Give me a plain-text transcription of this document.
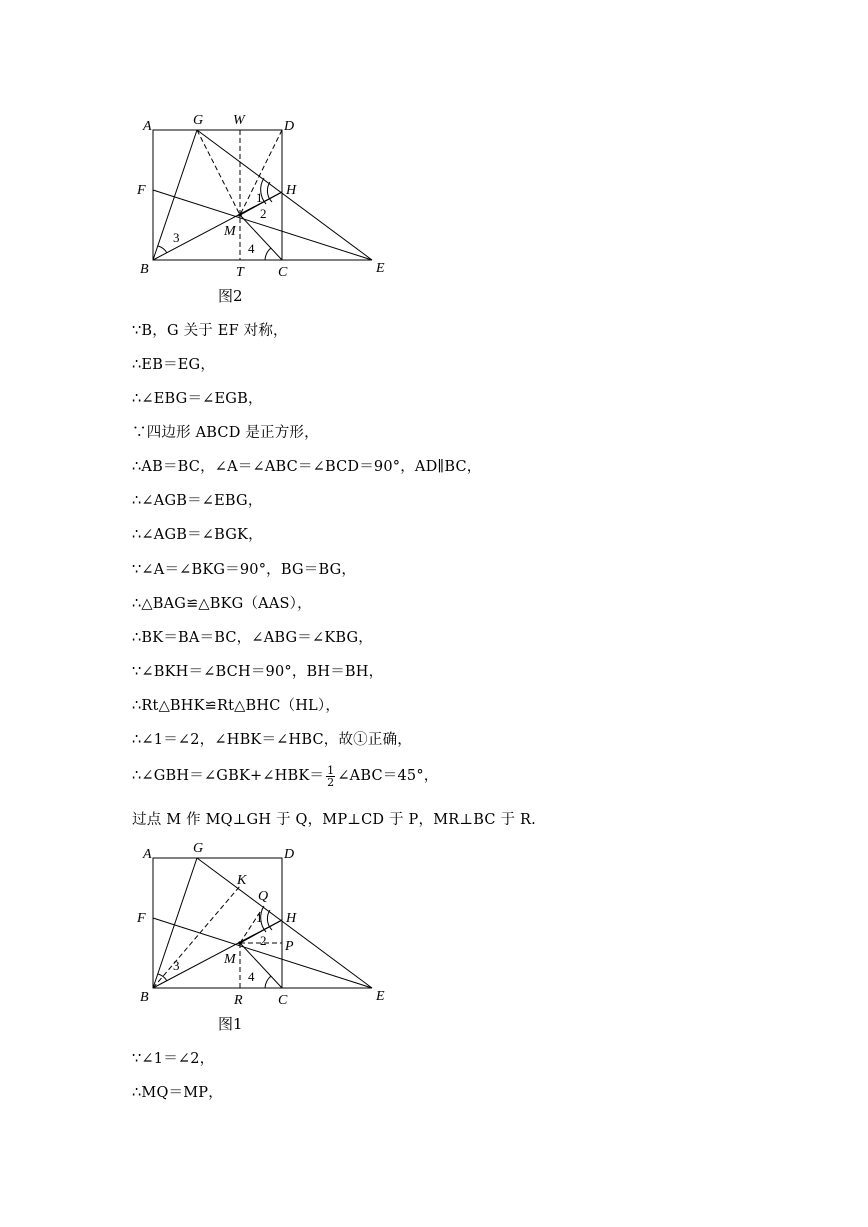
A	G W	D
F	H
M
B	T C	E
1
2
3
4
图2
∵B，G 关于 EF 对称，
∴EB＝EG，
∴∠EBG＝∠EGB，
∵四边形 ABCD 是正方形，
∴AB＝BC，∠A＝∠ABC＝∠BCD＝90°，AD∥BC，
∴∠AGB＝∠EBG，
∴∠AGB＝∠BGK，
∵∠A＝∠BKG＝90°，BG＝BG，
∴△BAG≌△BKG（AAS），
∴BK＝BA＝BC，∠ABG＝∠KBG，
∵∠BKH＝∠BCH＝90°，BH＝BH，
∴Rt△BHK≌Rt△BHC（HL），
∴∠1＝∠2，∠HBK＝∠HBC，故①正确，
∴∠GBH＝∠GBK+∠HBK＝ $\frac{1}{2}$ ∠ABC＝45°，
过点 M 作 MQ⊥GH 于 Q，MP⊥CD 于 P，MR⊥BC 于 R.
A	G	D
K
Q
F	H
P
M
B	R	C	E
1
2
3
4
图1
∵∠1＝∠2，
∴MQ＝MP，
